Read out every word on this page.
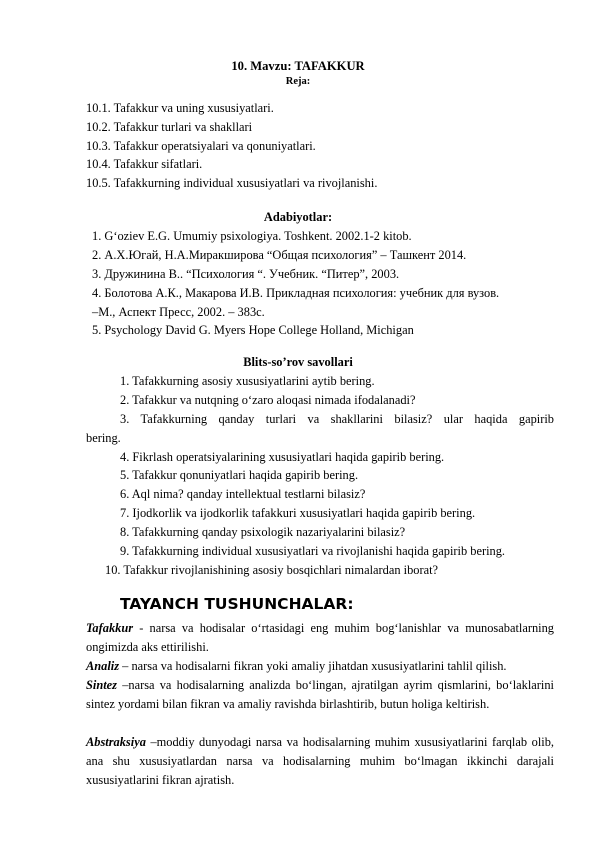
10. Mavzu: TAFAKKUR
Reja:
10.1. Tafakkur va uning xususiyatlari.
10.2. Tafakkur turlari va shakllari
10.3. Tafakkur operatsiyalari va qonuniyatlari.
10.4. Tafakkur sifatlari.
10.5. Tafakkurning individual xususiyatlari va rivojlanishi.
Adabiyotlar:
1. G‘oziev E.G. Umumiy psixologiya. Toshkent. 2002.1-2 kitob.
2. А.Х.Югай, Н.А.Миракширова “Общая психология” – Ташкент 2014.
3. Дружинина В.. “Психология “. Учебник. “Питер”, 2003.
4. Болотова А.К., Макарова И.В. Прикладная психология: учебник для вузов.
–М., Аспект Пресс, 2002. – 383с.
5. Psychology David G. Myers Hope College Holland, Michigan
Blits-so’rov savollari
1. Tafakkurning asosiy xususiyatlarini aytib bering.
2. Tafakkur va nutqning o‘zaro aloqasi nimada ifodalanadi?
3. Tafakkurning qanday turlari va shakllarini bilasiz? ular haqida gapirib
bering.
4. Fikrlash operatsiyalarining xususiyatlari haqida gapirib bering.
5. Tafakkur qonuniyatlari haqida gapirib bering.
6. Aql nima? qanday intellektual testlarni bilasiz?
7. Ijodkorlik va ijodkorlik tafakkuri xususiyatlari haqida gapirib bering.
8. Tafakkurning qanday psixologik nazariyalarini bilasiz?
9. Tafakkurning individual xususiyatlari va rivojlanishi haqida gapirib bering.
10. Tafakkur rivojlanishining asosiy bosqichlari nimalardan iborat?
TAYANCH TUSHUNCHALAR:
Tafakkur - narsa va hodisalar o‘rtasidagi eng muhim bog‘lanishlar va munosabatlarning ongimizda aks ettirilishi.
Analiz – narsa va hodisalarni fikran yoki amaliy jihatdan xususiyatlarini tahlil qilish.
Sintez –narsa va hodisalarning analizda bo‘lingan, ajratilgan ayrim qismlarini, bo‘laklarini sintez yordami bilan fikran va amaliy ravishda birlashtirib, butun holiga keltirish.
Abstraksiya –moddiy dunyodagi narsa va hodisalarning muhim xususiyatlarini farqlab olib, ana shu xususiyatlardan narsa va hodisalarning muhim bo‘lmagan ikkinchi darajali xususiyatlarini fikran ajratish.
